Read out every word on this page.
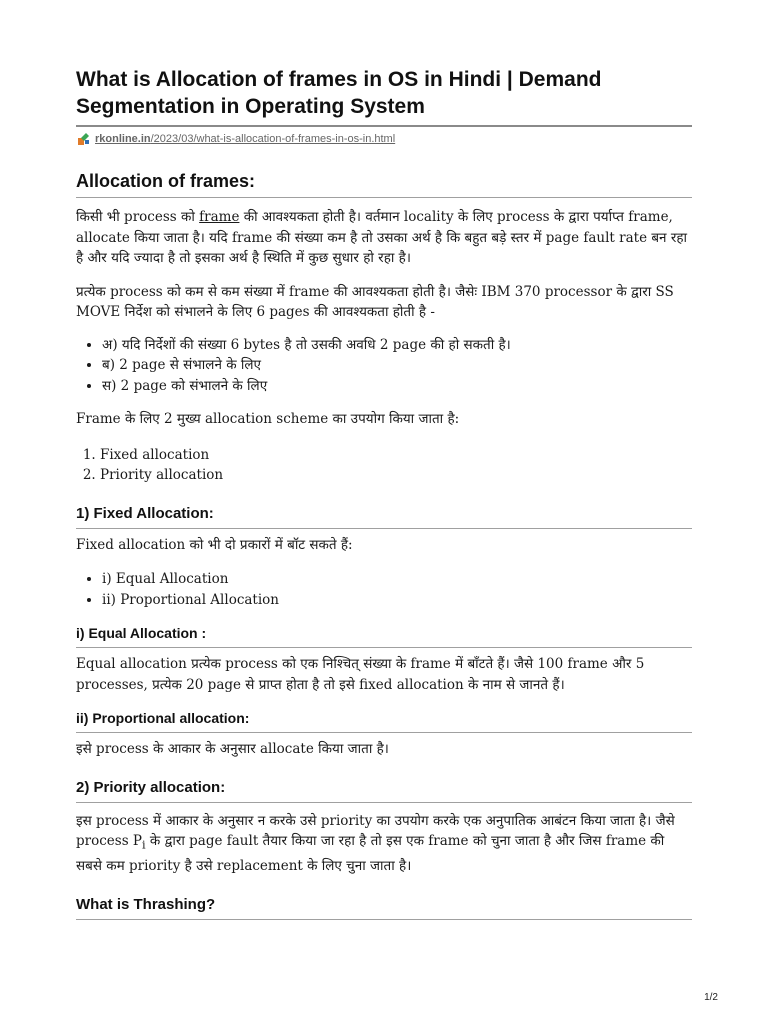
What is Allocation of frames in OS in Hindi | Demand Segmentation in Operating System
rkonline.in/2023/03/what-is-allocation-of-frames-in-os-in.html
Allocation of frames:

किसी भी process को frame की आवश्यकता होती है। वर्तमान locality के लिए process के द्वारा पर्याप्त frame, allocate किया जाता है। यदि frame की संख्या कम है तो उसका अर्थ है कि बहुत बड़े स्तर में page fault rate बन रहा है और यदि ज्यादा है तो इसका अर्थ है स्थिति में कुछ सुधार हो रहा है।

प्रत्येक process को कम से कम संख्या में frame की आवश्यकता होती है। जैसेः IBM 370 processor के द्वारा SS MOVE निर्देश को संभालने के लिए 6 pages की आवश्यकता होती है -

• अ) यदि निर्देशों की संख्या 6 bytes है तो उसकी अवधि 2 page की हो सकती है।
• ब) 2 page से संभालने के लिए
• स) 2 page को संभालने के लिए

Frame के लिए 2 मुख्य allocation scheme का उपयोग किया जाता है:

1. Fixed allocation
2. Priority allocation
1) Fixed Allocation:

Fixed allocation को भी दो प्रकारों में बॉट सकते हैं:

• i) Equal Allocation
• ii) Proportional Allocation
i) Equal Allocation :

Equal allocation प्रत्येक process को एक निश्चित् संख्या के frame में बाँटते हैं। जैसे 100 frame और 5 processes, प्रत्येक 20 page से प्राप्त होता है तो इसे fixed allocation के नाम से जानते हैं।

ii) Proportional allocation:

इसे process के आकार के अनुसार allocate किया जाता है।

2) Priority allocation:

इस process में आकार के अनुसार न करके उसे priority का उपयोग करके एक अनुपातिक आबंटन किया जाता है। जैसे process $P_i$ के द्वारा page fault तैयार किया जा रहा है तो इस एक frame को चुना जाता है और जिस frame की सबसे कम priority है उसे replacement के लिए चुना जाता है।

What is Thrashing?
1/2
